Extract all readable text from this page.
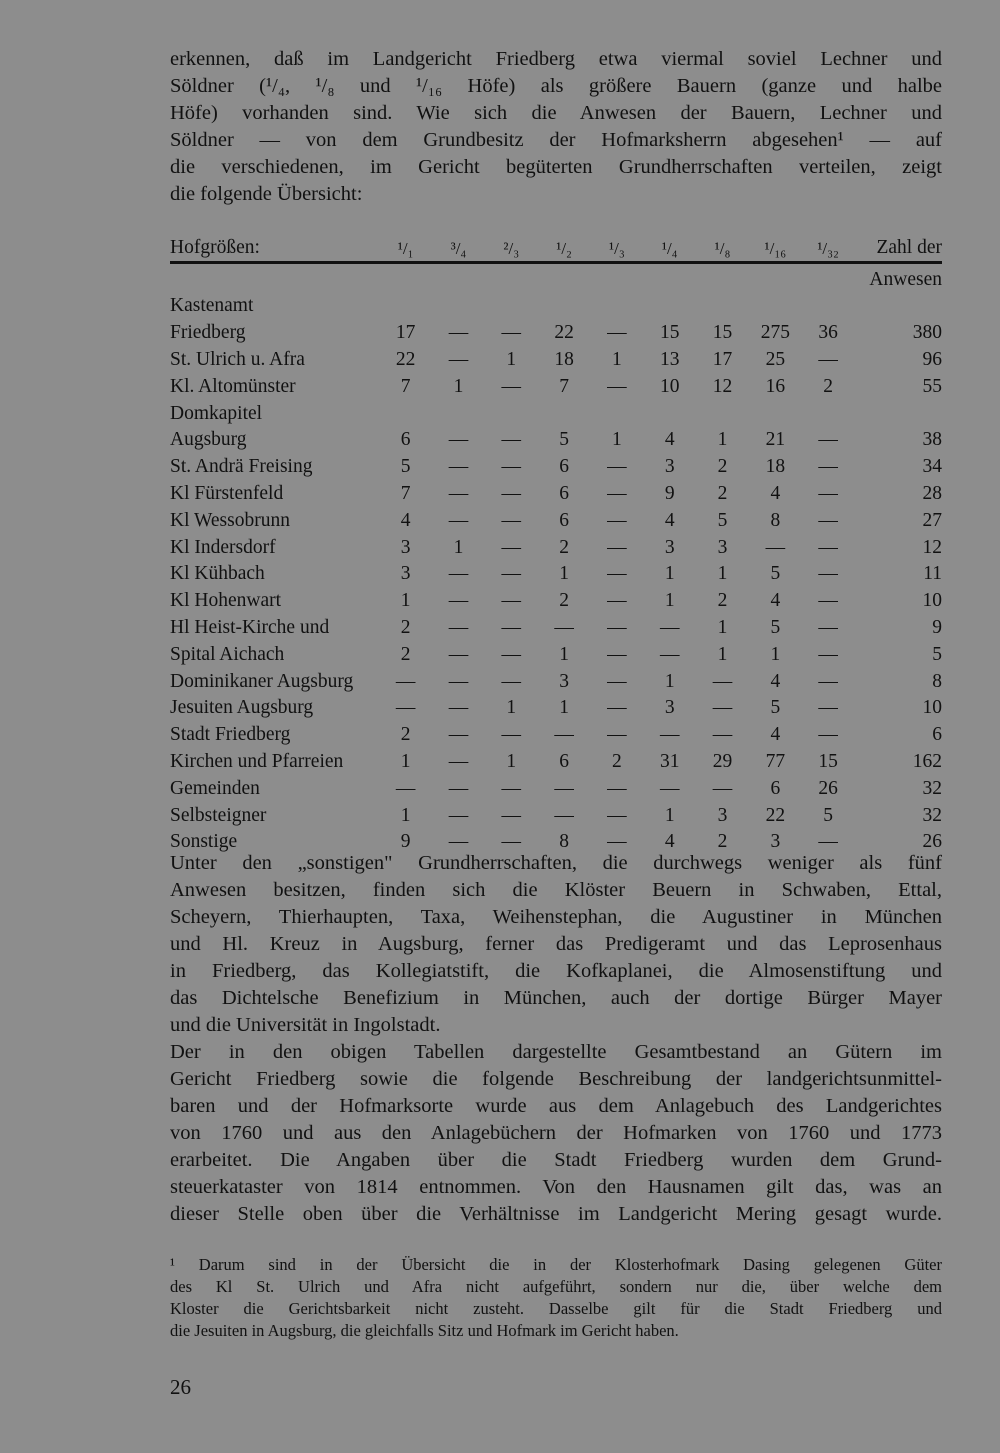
erkennen, daß im Landgericht Friedberg etwa viermal soviel Lechner und
Söldner (¹/₄, ¹/₈ und ¹/₁₆ Höfe) als größere Bauern (ganze und halbe
Höfe) vorhanden sind. Wie sich die Anwesen der Bauern, Lechner und
Söldner — von dem Grundbesitz der Hofmarksherrn abgesehen¹ — auf
die verschiedenen, im Gericht begüterten Grundherrschaften verteilen, zeigt
die folgende Übersicht:
Hofgrößen:	¹/₁	³/₄	²/₃	¹/₂	¹/₃	¹/₄	¹/₈	¹/₁₆	¹/₃₂	Zahl der
										Anwesen
Kastenamt										
Friedberg	17	—	—	22	—	15	15	275	36	380
St. Ulrich u. Afra	22	—	1	18	1	13	17	25	—	96
Kl. Altomünster	7	1	—	7	—	10	12	16	2	55
Domkapitel										
Augsburg	6	—	—	5	1	4	1	21	—	38
St. Andrä Freising	5	—	—	6	—	3	2	18	—	34
Kl Fürstenfeld	7	—	—	6	—	9	2	4	—	28
Kl Wessobrunn	4	—	—	6	—	4	5	8	—	27
Kl Indersdorf	3	1	—	2	—	3	3	—	—	12
Kl Kühbach	3	—	—	1	—	1	1	5	—	11
Kl Hohenwart	1	—	—	2	—	1	2	4	—	10
Hl Heist-Kirche und	2	—	—	—	—	—	1	5	—	9
Spital Aichach	2	—	—	1	—	—	1	1	—	5
Dominikaner Augsburg	—	—	—	3	—	1	—	4	—	8
Jesuiten Augsburg	—	—	1	1	—	3	—	5	—	10
Stadt Friedberg	2	—	—	—	—	—	—	4	—	6
Kirchen und Pfarreien	1	—	1	6	2	31	29	77	15	162
Gemeinden	—	—	—	—	—	—	—	6	26	32
Selbsteigner	1	—	—	—	—	1	3	22	5	32
Sonstige	9	—	—	8	—	4	2	3	—	26
Unter den „sonstigen" Grundherrschaften, die durchwegs weniger als fünf
Anwesen besitzen, finden sich die Klöster Beuern in Schwaben, Ettal,
Scheyern, Thierhaupten, Taxa, Weihenstephan, die Augustiner in München
und Hl. Kreuz in Augsburg, ferner das Predigeramt und das Leprosenhaus
in Friedberg, das Kollegiatstift, die Kofkaplanei, die Almosenstiftung und
das Dichtelsche Benefizium in München, auch der dortige Bürger Mayer
und die Universität in Ingolstadt.
Der in den obigen Tabellen dargestellte Gesamtbestand an Gütern im
Gericht Friedberg sowie die folgende Beschreibung der landgerichtsunmittel-
baren und der Hofmarksorte wurde aus dem Anlagebuch des Landgerichtes
von 1760 und aus den Anlagebüchern der Hofmarken von 1760 und 1773
erarbeitet. Die Angaben über die Stadt Friedberg wurden dem Grund-
steuerkataster von 1814 entnommen. Von den Hausnamen gilt das, was an
dieser Stelle oben über die Verhältnisse im Landgericht Mering gesagt wurde.
¹ Darum sind in der Übersicht die in der Klosterhofmark Dasing gelegenen Güter
des Kl St. Ulrich und Afra nicht aufgeführt, sondern nur die, über welche dem
Kloster die Gerichtsbarkeit nicht zusteht. Dasselbe gilt für die Stadt Friedberg und
die Jesuiten in Augsburg, die gleichfalls Sitz und Hofmark im Gericht haben.
26
